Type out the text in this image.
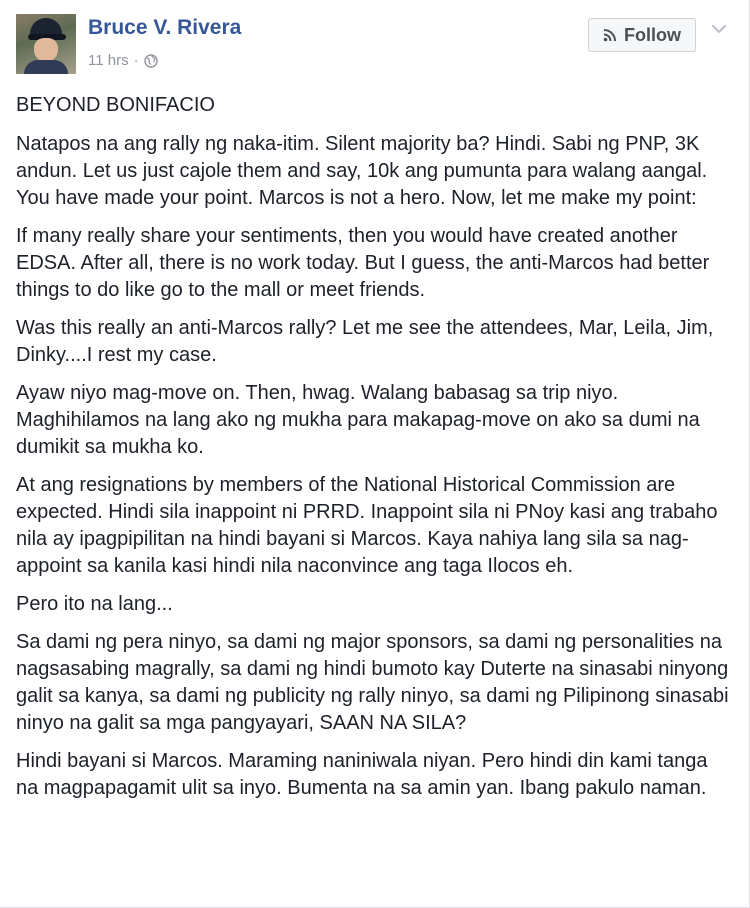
Bruce V. Rivera
11 hrs ·
Follow

BEYOND BONIFACIO

Natapos na ang rally ng naka-itim. Silent majority ba? Hindi. Sabi ng PNP, 3K andun. Let us just cajole them and say, 10k ang pumunta para walang aangal. You have made your point. Marcos is not a hero. Now, let me make my point:

If many really share your sentiments, then you would have created another EDSA. After all, there is no work today. But I guess, the anti-Marcos had better things to do like go to the mall or meet friends.

Was this really an anti-Marcos rally? Let me see the attendees, Mar, Leila, Jim, Dinky....I rest my case.

Ayaw niyo mag-move on. Then, hwag. Walang babasag sa trip niyo. Maghihilamos na lang ako ng mukha para makapag-move on ako sa dumi na dumikit sa mukha ko.

At ang resignations by members of the National Historical Commission are expected. Hindi sila inappoint ni PRRD. Inappoint sila ni PNoy kasi ang trabaho nila ay ipagpipilitan na hindi bayani si Marcos. Kaya nahiya lang sila sa nag-appoint sa kanila kasi hindi nila naconvince ang taga Ilocos eh.

Pero ito na lang...

Sa dami ng pera ninyo, sa dami ng major sponsors, sa dami ng personalities na nagsasabing magrally, sa dami ng hindi bumoto kay Duterte na sinasabi ninyong galit sa kanya, sa dami ng publicity ng rally ninyo, sa dami ng Pilipinong sinasabi ninyo na galit sa mga pangyayari, SAAN NA SILA?

Hindi bayani si Marcos. Maraming naniniwala niyan. Pero hindi din kami tanga na magpapagamit ulit sa inyo. Bumenta na sa amin yan. Ibang pakulo naman.
